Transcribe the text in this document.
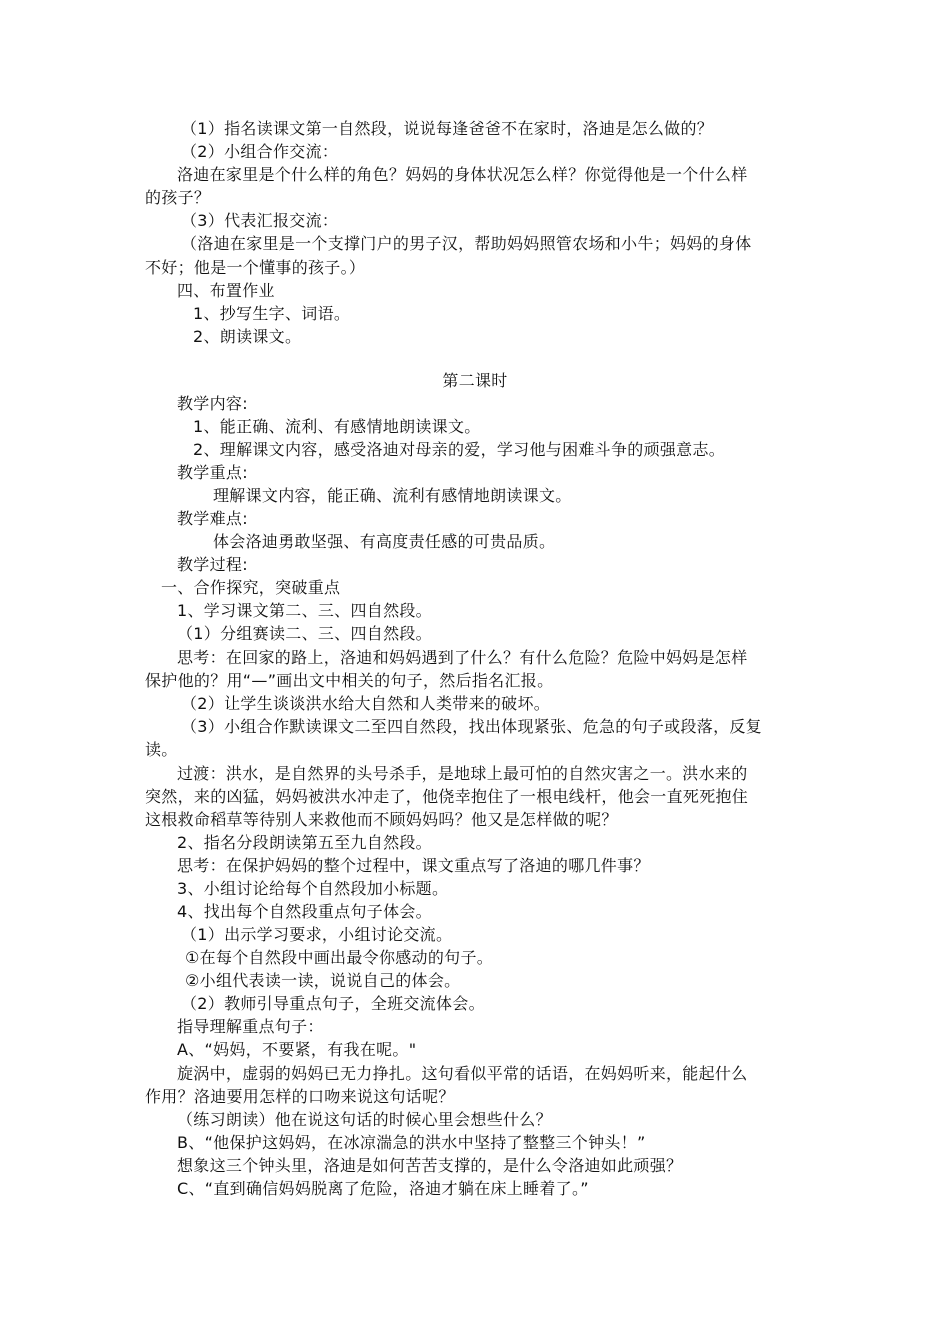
（1）指名读课文第一自然段，说说每逢爸爸不在家时，洛迪是怎么做的？
（2）小组合作交流：
洛迪在家里是个什么样的角色？妈妈的身体状况怎么样？你觉得他是一个什么样
的孩子？
（3）代表汇报交流：
（洛迪在家里是一个支撑门户的男子汉，帮助妈妈照管农场和小牛；妈妈的身体
不好；他是一个懂事的孩子。）
四、布置作业
1、抄写生字、词语。
2、朗读课文。
第二课时
教学内容:
1、能正确、流利、有感情地朗读课文。
2、理解课文内容，感受洛迪对母亲的爱，学习他与困难斗争的顽强意志。
教学重点:
理解课文内容，能正确、流利有感情地朗读课文。
教学难点:
体会洛迪勇敢坚强、有高度责任感的可贵品质。
教学过程:
一、合作探究，突破重点
1、学习课文第二、三、四自然段。
（1）分组赛读二、三、四自然段。
思考：在回家的路上，洛迪和妈妈遇到了什么？有什么危险？危险中妈妈是怎样
保护他的？用“—”画出文中相关的句子，然后指名汇报。
（2）让学生谈谈洪水给大自然和人类带来的破坏。
（3）小组合作默读课文二至四自然段，找出体现紧张、危急的句子或段落，反复
读。
过渡：洪水，是自然界的头号杀手，是地球上最可怕的自然灾害之一。洪水来的
突然，来的凶猛，妈妈被洪水冲走了，他侥幸抱住了一根电线杆，他会一直死死抱住
这根救命稻草等待别人来救他而不顾妈妈吗？他又是怎样做的呢？
2、指名分段朗读第五至九自然段。
思考：在保护妈妈的整个过程中，课文重点写了洛迪的哪几件事？
3、小组讨论给每个自然段加小标题。
4、找出每个自然段重点句子体会。
（1）出示学习要求，小组讨论交流。
①在每个自然段中画出最令你感动的句子。
②小组代表读一读，说说自己的体会。
（2）教师引导重点句子，全班交流体会。
指导理解重点句子：
A、“妈妈，不要紧，有我在呢。"
旋涡中，虚弱的妈妈已无力挣扎。这句看似平常的话语，在妈妈听来，能起什么
作用？洛迪要用怎样的口吻来说这句话呢？
（练习朗读）他在说这句话的时候心里会想些什么？
B、“他保护这妈妈，在冰凉湍急的洪水中坚持了整整三个钟头！”
想象这三个钟头里，洛迪是如何苦苦支撑的，是什么令洛迪如此顽强？
C、“直到确信妈妈脱离了危险，洛迪才躺在床上睡着了。”
